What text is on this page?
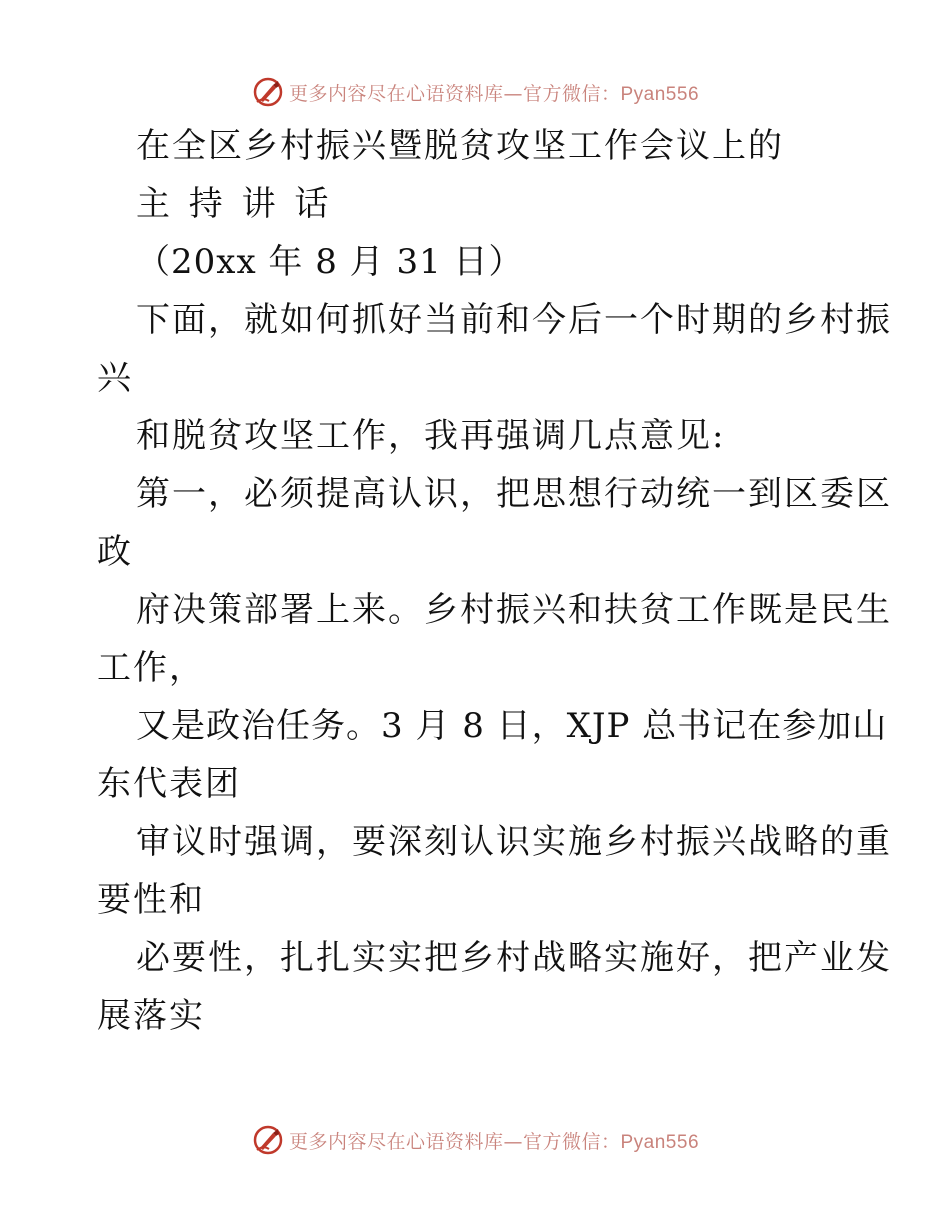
更多内容尽在心语资料库—官方微信：Pyan556
在全区乡村振兴暨脱贫攻坚工作会议上的
主 持 讲 话
（20xx 年 8 月 31 日）
下面，就如何抓好当前和今后一个时期的乡村振
兴
和脱贫攻坚工作，我再强调几点意见:
第一，必须提高认识，把思想行动统一到区委区
政
府决策部署上来。乡村振兴和扶贫工作既是民生
工作，
又是政治任务。3 月 8 日，XJP 总书记在参加山
东代表团
审议时强调，要深刻认识实施乡村振兴战略的重
要性和
必要性，扎扎实实把乡村战略实施好，把产业发
展落实
更多内容尽在心语资料库—官方微信：Pyan556
